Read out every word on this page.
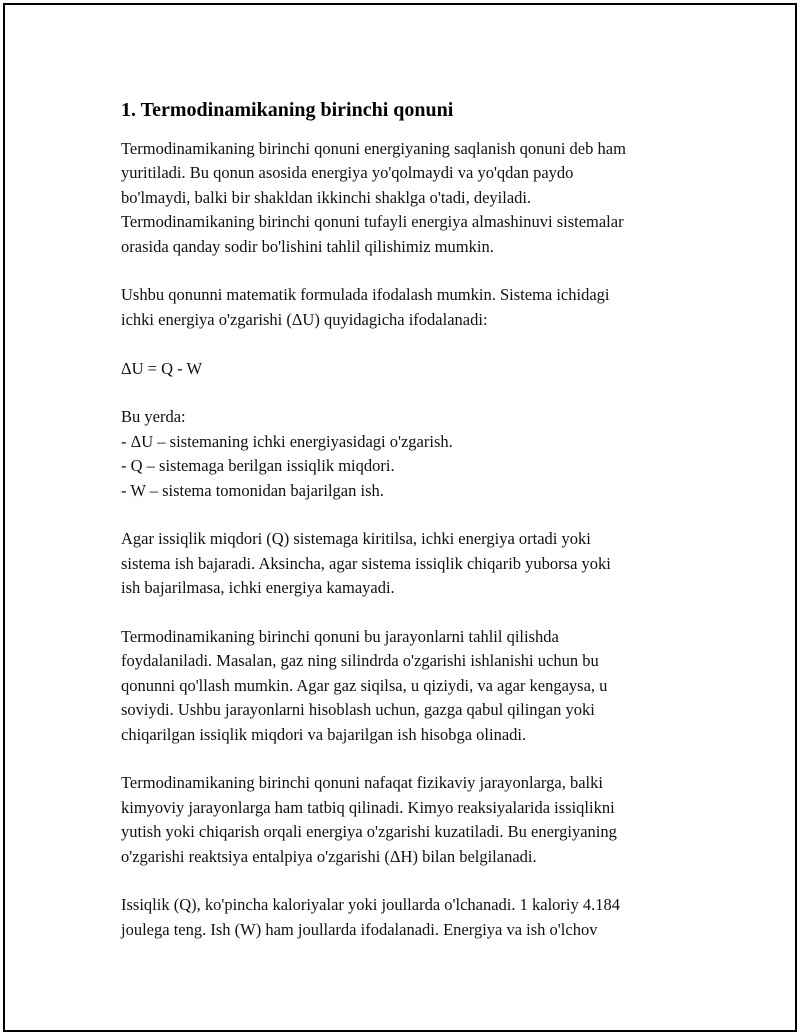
1. Termodinamikaning birinchi qonuni

Termodinamikaning birinchi qonuni energiyaning saqlanish qonuni deb ham
yuritiladi. Bu qonun asosida energiya yo'qolmaydi va yo'qdan paydo
bo'lmaydi, balki bir shakldan ikkinchi shaklga o'tadi, deyiladi.
Termodinamikaning birinchi qonuni tufayli energiya almashinuvi sistemalar
orasida qanday sodir bo'lishini tahlil qilishimiz mumkin.

Ushbu qonunni matematik formulada ifodalash mumkin. Sistema ichidagi
ichki energiya o'zgarishi (ΔU) quyidagicha ifodalanadi:

ΔU = Q - W

Bu yerda:
- ΔU – sistemaning ichki energiyasidagi o'zgarish.
- Q – sistemaga berilgan issiqlik miqdori.
- W – sistema tomonidan bajarilgan ish.

Agar issiqlik miqdori (Q) sistemaga kiritilsa, ichki energiya ortadi yoki
sistema ish bajaradi. Aksincha, agar sistema issiqlik chiqarib yuborsa yoki
ish bajarilmasa, ichki energiya kamayadi.

Termodinamikaning birinchi qonuni bu jarayonlarni tahlil qilishda
foydalaniladi. Masalan, gaz ning silindrda o'zgarishi ishlanishi uchun bu
qonunni qo'llash mumkin. Agar gaz siqilsa, u qiziydi, va agar kengaysa, u
soviydi. Ushbu jarayonlarni hisoblash uchun, gazga qabul qilingan yoki
chiqarilgan issiqlik miqdori va bajarilgan ish hisobga olinadi.

Termodinamikaning birinchi qonuni nafaqat fizikaviy jarayonlarga, balki
kimyoviy jarayonlarga ham tatbiq qilinadi. Kimyo reaksiyalarida issiqlikni
yutish yoki chiqarish orqali energiya o'zgarishi kuzatiladi. Bu energiyaning
o'zgarishi reaktsiya entalpiya o'zgarishi (ΔH) bilan belgilanadi.

Issiqlik (Q), ko'pincha kaloriyalar yoki joullarda o'lchanadi. 1 kaloriy 4.184
joulega teng. Ish (W) ham joullarda ifodalanadi. Energiya va ish o'lchov
